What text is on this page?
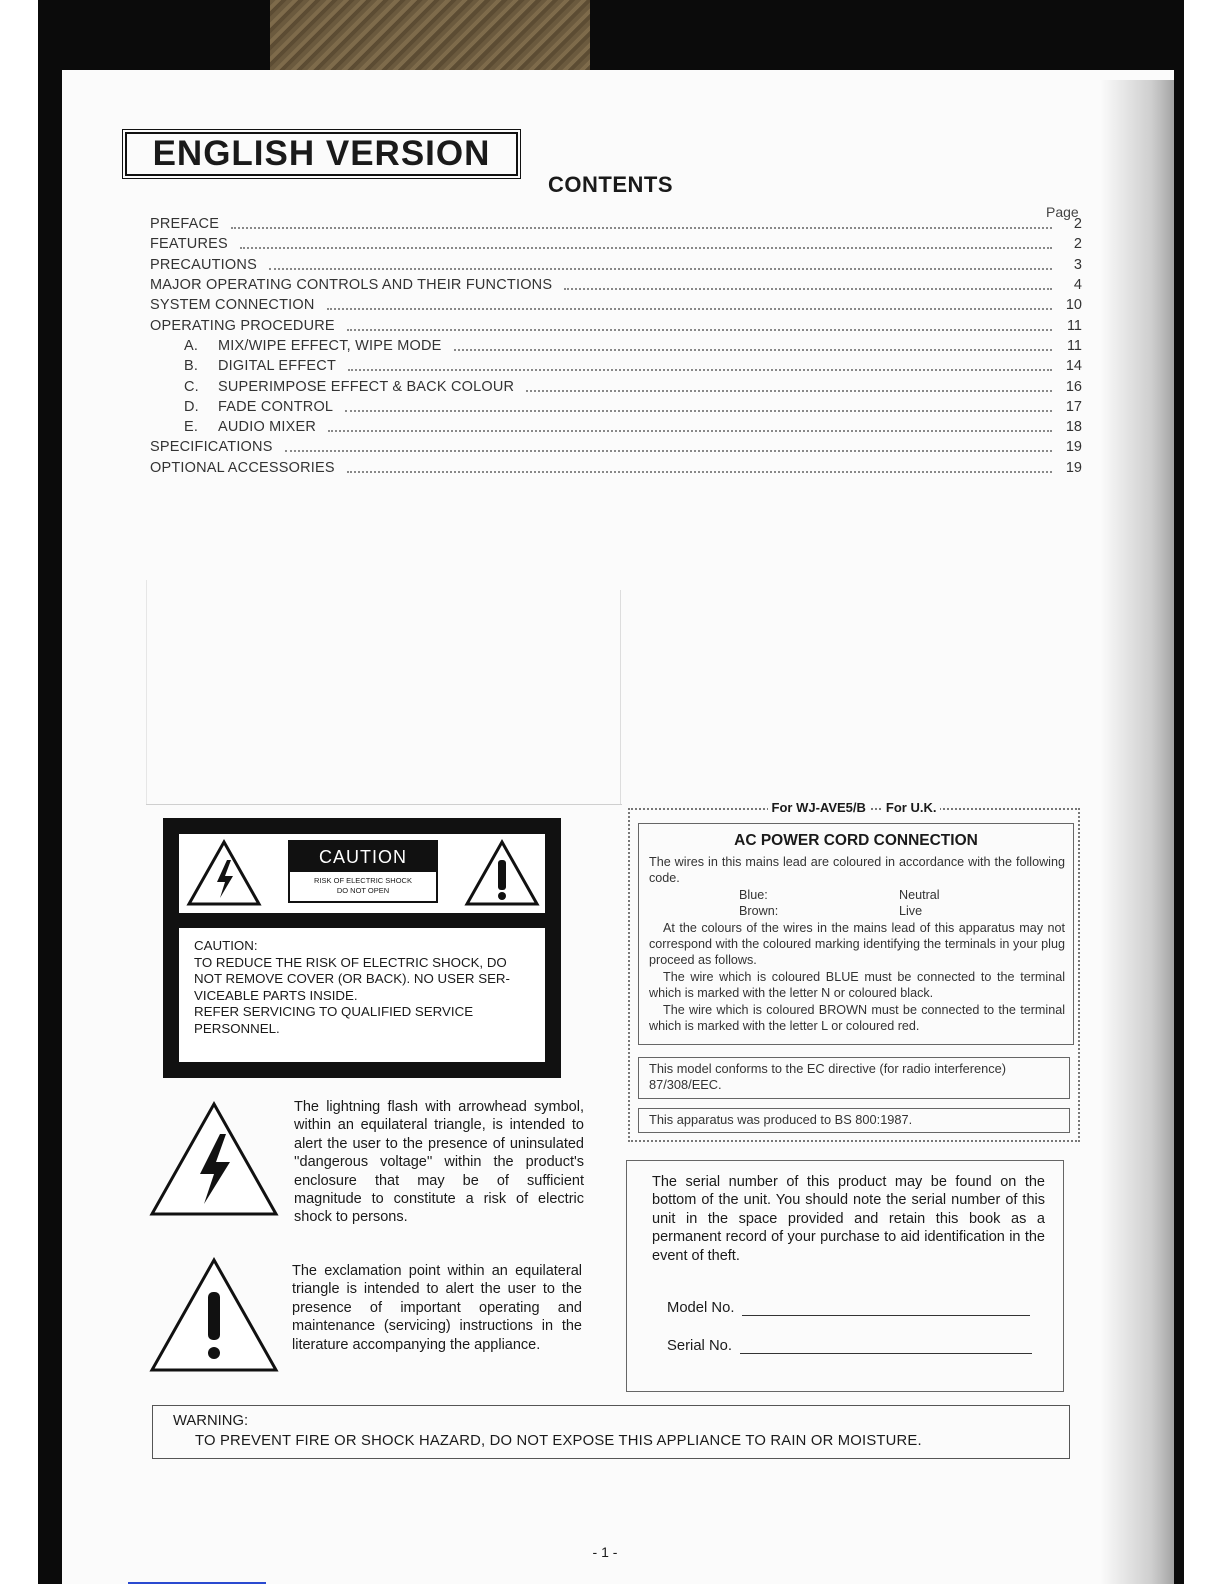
ENGLISH VERSION
CONTENTS
Page
PREFACE	2
FEATURES	2
PRECAUTIONS	3
MAJOR OPERATING CONTROLS AND THEIR FUNCTIONS	4
SYSTEM CONNECTION	10
OPERATING PROCEDURE	11
A. MIX/WIPE EFFECT, WIPE MODE	11
B. DIGITAL EFFECT	14
C. SUPERIMPOSE EFFECT & BACK COLOUR	16
D. FADE CONTROL	17
E. AUDIO MIXER	18
SPECIFICATIONS	19
OPTIONAL ACCESSORIES	19
CAUTION
RISK OF ELECTRIC SHOCK
DO NOT OPEN
CAUTION:
TO REDUCE THE RISK OF ELECTRIC SHOCK, DO
NOT REMOVE COVER (OR BACK). NO USER SER-
VICEABLE PARTS INSIDE.
REFER SERVICING TO QUALIFIED SERVICE
PERSONNEL.
The lightning flash with arrowhead symbol, within an equilateral triangle, is intended to alert the user to the presence of uninsulated ''dangerous voltage'' within the product's enclosure that may be of sufficient magnitude to constitute a risk of electric shock to persons.
The exclamation point within an equilateral triangle is intended to alert the user to the presence of important operating and maintenance (servicing) instructions in the literature accompanying the appliance.
For WJ-AVE5/B	For U.K.
AC POWER CORD CONNECTION

The wires in this mains lead are coloured in accordance with the following code.

Blue:	Neutral
Brown:	Live

At the colours of the wires in the mains lead of this apparatus may not correspond with the coloured marking identifying the terminals in your plug proceed as follows.

The wire which is coloured BLUE must be connected to the terminal which is marked with the letter N or coloured black.

The wire which is coloured BROWN must be connected to the terminal which is marked with the letter L or coloured red.

This model conforms to the EC directive (for radio interference) 87/308/EEC.
This apparatus was produced to BS 800:1987.
The serial number of this product may be found on the bottom of the unit. You should note the serial number of this unit in the space provided and retain this book as a permanent record of your purchase to aid identification in the event of theft.
Model No.
Serial No.
WARNING:
TO PREVENT FIRE OR SHOCK HAZARD, DO NOT EXPOSE THIS APPLIANCE TO RAIN OR MOISTURE.
- 1 -
